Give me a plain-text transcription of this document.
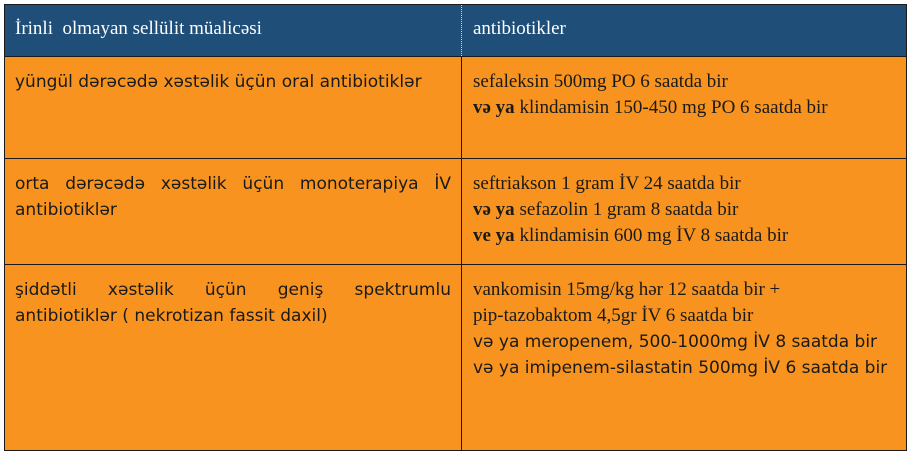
İrinli  olmayan sellülit müalicəsi	antibiotikler
yüngül dərəcədə xəstəlik üçün oral antibiotiklər	sefaleksin 500mg PO 6 saatda bir
və ya klindamisin 150-450 mg PO 6 saatda bir
orta dərəcədə xəstəlik üçün monoterapiya İV antibiotiklər
seftriakson 1 gram İV 24 saatda bir
və ya sefazolin 1 gram 8 saatda bir
ve ya klindamisin 600 mg İV 8 saatda bir
şiddətli xəstəlik üçün geniş spektrumlu antibiotiklər ( nekrotizan fassit daxil)
vankomisin 15mg/kg hər 12 saatda bir +
pip-tazobaktom 4,5gr İV 6 saatda bir
və ya meropenem, 500-1000mg İV 8 saatda bir
və ya imipenem-silastatin 500mg İV 6 saatda bir
